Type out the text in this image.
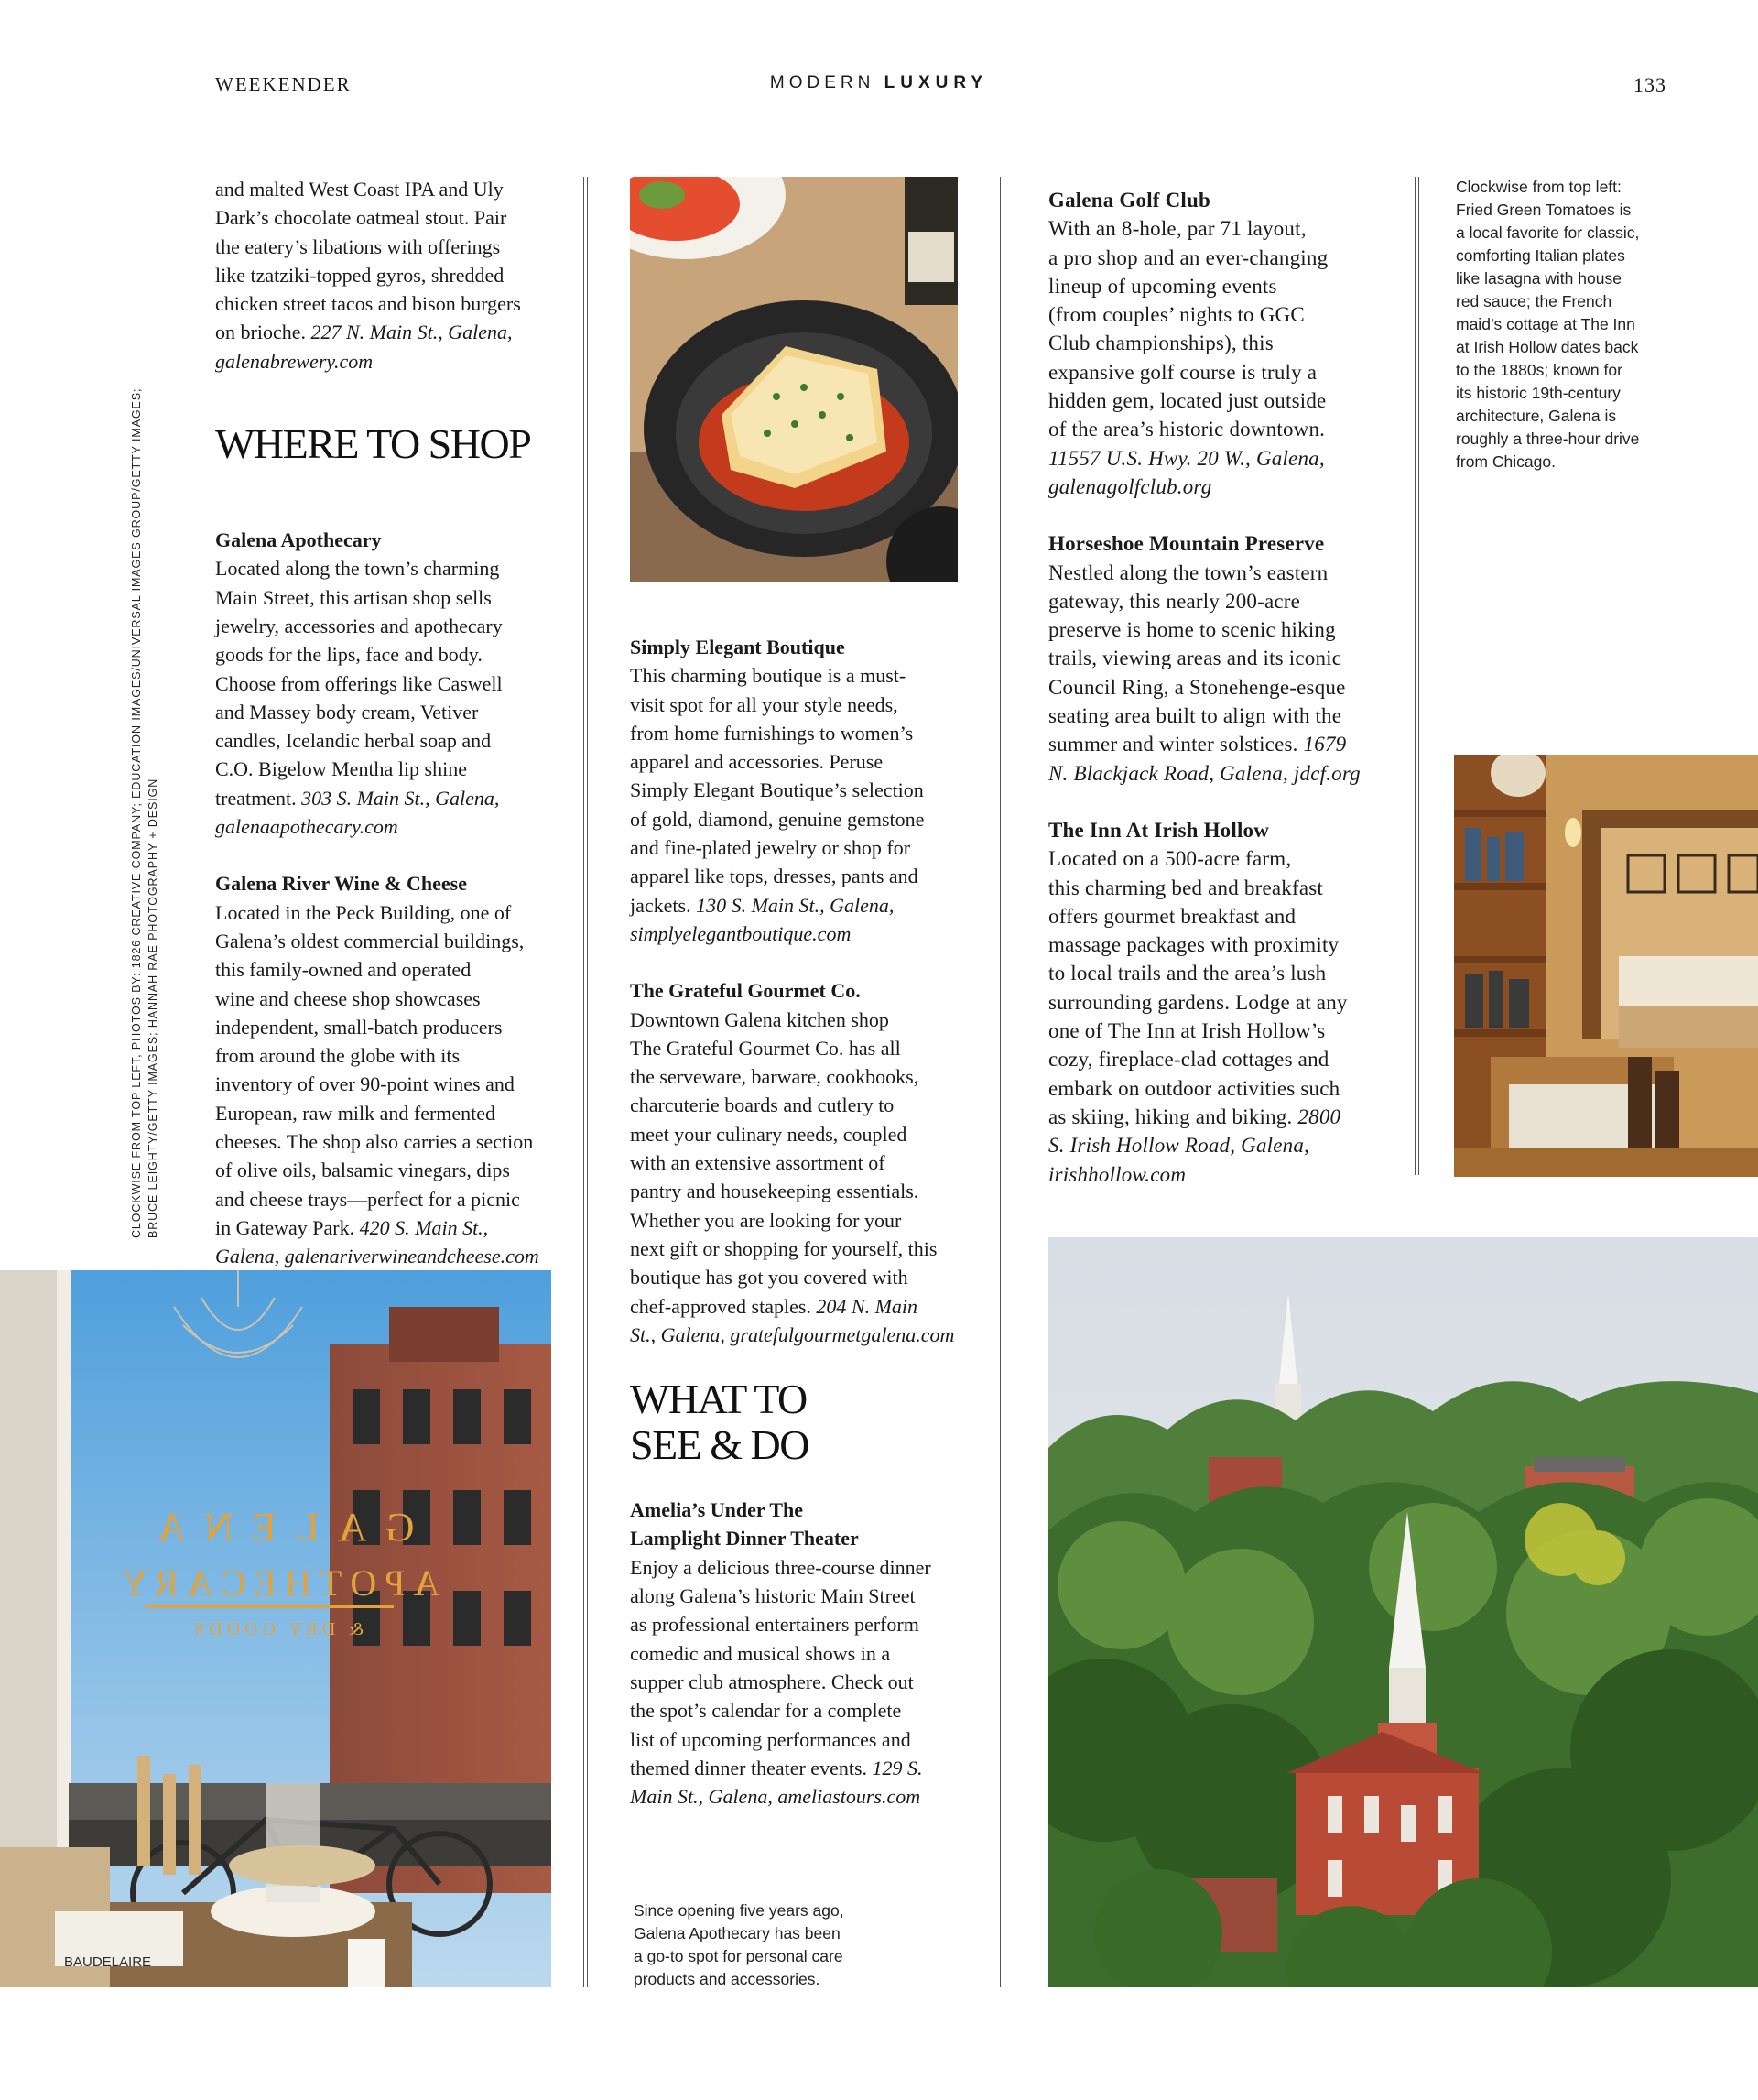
WEEKENDER	MODERN LUXURY	133
CLOCKWISE FROM TOP LEFT, PHOTOS BY: 1826 CREATIVE COMPANY; EDUCATION IMAGES/UNIVERSAL IMAGES GROUP/GETTY IMAGES; BRUCE LEIGHTY/GETTY IMAGES; HANNAH RAE PHOTOGRAPHY + DESIGN

and malted West Coast IPA and Uly

Dark’s chocolate oatmeal stout. Pair

the eatery’s libations with offerings

like tzatziki-topped gyros, shredded

chicken street tacos and bison burgers

on brioche. 227 N. Main St., Galena,

galenabrewery.com

WHERE TO SHOP

Galena Apothecary

Located along the town’s charming

Main Street, this artisan shop sells

jewelry, accessories and apothecary

goods for the lips, face and body.

Choose from offerings like Caswell

and Massey body cream, Vetiver

candles, Icelandic herbal soap and

C.O. Bigelow Mentha lip shine

treatment. 303 S. Main St., Galena,

galenaapothecary.com

Galena River Wine & Cheese

Located in the Peck Building, one of

Galena’s oldest commercial buildings,

this family-owned and operated

wine and cheese shop showcases

independent, small-batch producers

from around the globe with its

inventory of over 90-point wines and

European, raw milk and fermented

cheeses. The shop also carries a section

of olive oils, balsamic vinegars, dips

and cheese trays—perfect for a picnic

in Gateway Park. 420 S. Main St.,

Galena, galenariverwineandcheese.com

GALENA
APOTHECARY
& DRY GOODS
BAUDELAIRE

Simply Elegant Boutique

This charming boutique is a must-

visit spot for all your style needs,

from home furnishings to women’s

apparel and accessories. Peruse

Simply Elegant Boutique’s selection

of gold, diamond, genuine gemstone

and fine-plated jewelry or shop for

apparel like tops, dresses, pants and

jackets. 130 S. Main St., Galena,

simplyelegantboutique.com

The Grateful Gourmet Co.

Downtown Galena kitchen shop

The Grateful Gourmet Co. has all

the serveware, barware, cookbooks,

charcuterie boards and cutlery to

meet your culinary needs, coupled

with an extensive assortment of

pantry and housekeeping essentials.

Whether you are looking for your

next gift or shopping for yourself, this

boutique has got you covered with

chef-approved staples. 204 N. Main

St., Galena, gratefulgourmetgalena.com

WHAT TO
SEE & DO

Amelia’s Under The

Lamplight Dinner Theater

Enjoy a delicious three-course dinner

along Galena’s historic Main Street

as professional entertainers perform

comedic and musical shows in a

supper club atmosphere. Check out

the spot’s calendar for a complete

list of upcoming performances and

themed dinner theater events. 129 S.

Main St., Galena, ameliastours.com

Since opening five years ago,
Galena Apothecary has been
a go-to spot for personal care
products and accessories.

Galena Golf Club

With an 8-hole, par 71 layout,

a pro shop and an ever-changing

lineup of upcoming events

(from couples’ nights to GGC

Club championships), this

expansive golf course is truly a

hidden gem, located just outside

of the area’s historic downtown.

11557 U.S. Hwy. 20 W., Galena,

galenagolfclub.org

Horseshoe Mountain Preserve

Nestled along the town’s eastern

gateway, this nearly 200-acre

preserve is home to scenic hiking

trails, viewing areas and its iconic

Council Ring, a Stonehenge-esque

seating area built to align with the

summer and winter solstices. 1679

N. Blackjack Road, Galena, jdcf.org

The Inn At Irish Hollow

Located on a 500-acre farm,

this charming bed and breakfast

offers gourmet breakfast and

massage packages with proximity

to local trails and the area’s lush

surrounding gardens. Lodge at any

one of The Inn at Irish Hollow’s

cozy, fireplace-clad cottages and

embark on outdoor activities such

as skiing, hiking and biking. 2800

S. Irish Hollow Road, Galena,

irishhollow.com

Clockwise from top left:
Fried Green Tomatoes is
a local favorite for classic,
comforting Italian plates
like lasagna with house
red sauce; the French
maid’s cottage at The Inn
at Irish Hollow dates back
to the 1880s; known for
its historic 19th-century
architecture, Galena is
roughly a three-hour drive
from Chicago.
